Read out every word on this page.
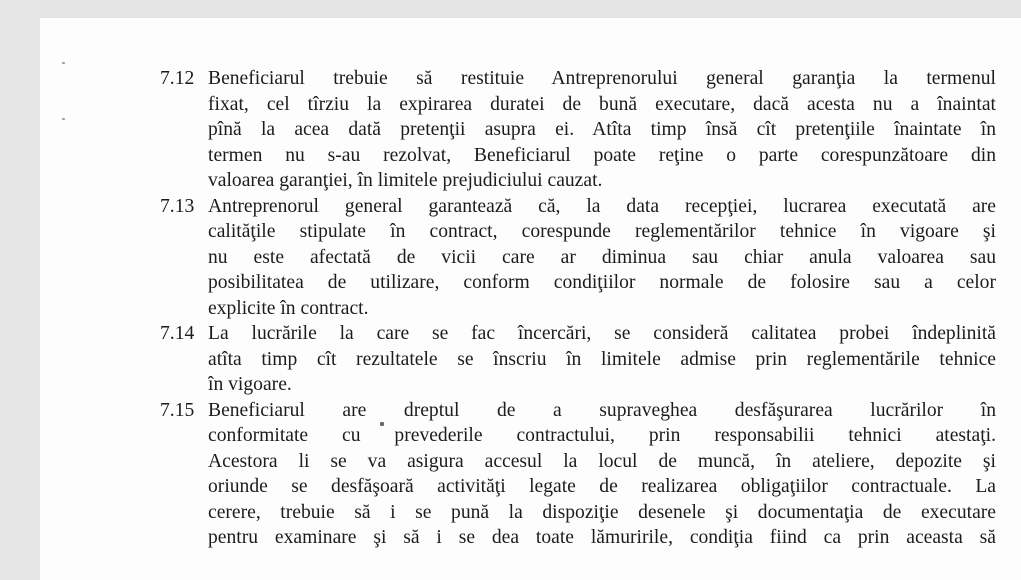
7.12 Beneficiarul trebuie să restituie Antreprenorului general garanţia la termenul
fixat, cel tîrziu la expirarea duratei de bună executare, dacă acesta nu a înaintat
pînă la acea dată pretenţii asupra ei. Atîta timp însă cît pretenţiile înaintate în
termen nu s-au rezolvat, Beneficiarul poate reţine o parte corespunzătoare din
valoarea garanţiei, în limitele prejudiciului cauzat.
7.13 Antreprenorul general garantează că, la data recepţiei, lucrarea executată are
calităţile stipulate în contract, corespunde reglementărilor tehnice în vigoare şi
nu este afectată de vicii care ar diminua sau chiar anula valoarea sau
posibilitatea de utilizare, conform condiţiilor normale de folosire sau a celor
explicite în contract.
7.14 La lucrările la care se fac încercări, se consideră calitatea probei îndeplinită
atîta timp cît rezultatele se înscriu în limitele admise prin reglementările tehnice
în vigoare.
7.15 Beneficiarul are dreptul de a supraveghea desfăşurarea lucrărilor în
conformitate cu prevederile contractului, prin responsabilii tehnici atestaţi.
Acestora li se va asigura accesul la locul de muncă, în ateliere, depozite şi
oriunde se desfăşoară activităţi legate de realizarea obligaţiilor contractuale. La
cerere, trebuie să i se pună la dispoziţie desenele şi documentaţia de executare
pentru examinare şi să i se dea toate lămuririle, condiţia fiind ca prin aceasta să
